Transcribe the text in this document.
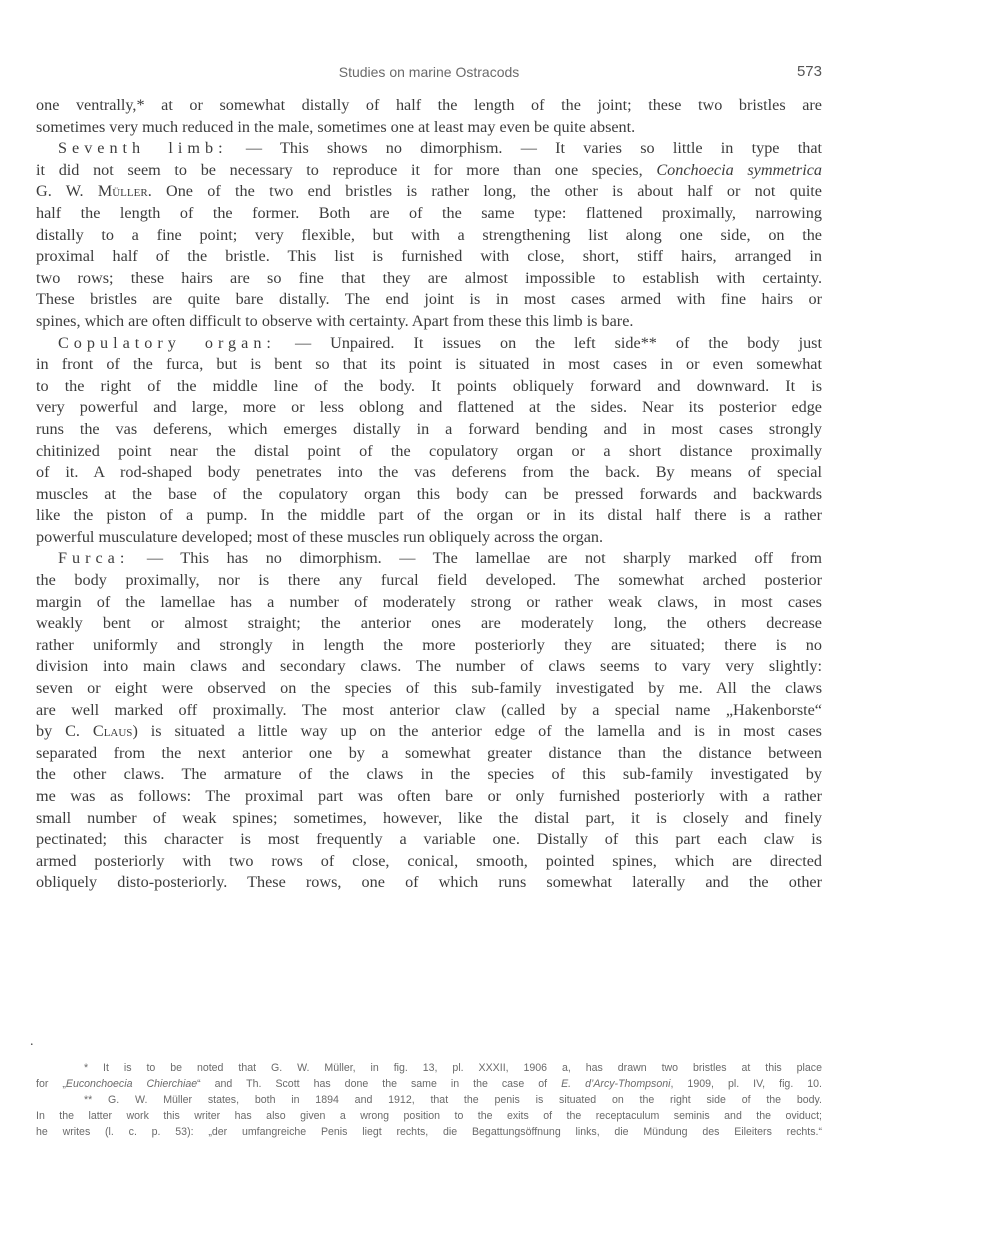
Studies on marine Ostracods	573
one ventrally,* at or somewhat distally of half the length of the joint; these two bristles are
sometimes very much reduced in the male, sometimes one at least may even be quite absent.
Seventh limb: — This shows no dimorphism. — It varies so little in type that
it did not seem to be necessary to reproduce it for more than one species, Conchoecia symmetrica
G. W. Müller. One of the two end bristles is rather long, the other is about half or not quite
half the length of the former. Both are of the same type: flattened proximally, narrowing
distally to a fine point; very flexible, but with a strengthening list along one side, on the
proximal half of the bristle. This list is furnished with close, short, stiff hairs, arranged in
two rows; these hairs are so fine that they are almost impossible to establish with certainty.
These bristles are quite bare distally. The end joint is in most cases armed with fine hairs or
spines, which are often difficult to observe with certainty. Apart from these this limb is bare.
Copulatory organ: — Unpaired. It issues on the left side** of the body just
in front of the furca, but is bent so that its point is situated in most cases in or even somewhat
to the right of the middle line of the body. It points obliquely forward and downward. It is
very powerful and large, more or less oblong and flattened at the sides. Near its posterior edge
runs the vas deferens, which emerges distally in a forward bending and in most cases strongly
chitinized point near the distal point of the copulatory organ or a short distance proximally
of it. A rod-shaped body penetrates into the vas deferens from the back. By means of special
muscles at the base of the copulatory organ this body can be pressed forwards and backwards
like the piston of a pump. In the middle part of the organ or in its distal half there is a rather
powerful musculature developed; most of these muscles run obliquely across the organ.
Furca: — This has no dimorphism. — The lamellae are not sharply marked off from
the body proximally, nor is there any furcal field developed. The somewhat arched posterior
margin of the lamellae has a number of moderately strong or rather weak claws, in most cases
weakly bent or almost straight; the anterior ones are moderately long, the others decrease
rather uniformly and strongly in length the more posteriorly they are situated; there is no
division into main claws and secondary claws. The number of claws seems to vary very slightly:
seven or eight were observed on the species of this sub-family investigated by me. All the claws
are well marked off proximally. The most anterior claw (called by a special name „Hakenborste“
by C. Claus) is situated a little way up on the anterior edge of the lamella and is in most cases
separated from the next anterior one by a somewhat greater distance than the distance between
the other claws. The armature of the claws in the species of this sub-family investigated by
me was as follows: The proximal part was often bare or only furnished posteriorly with a rather
small number of weak spines; sometimes, however, like the distal part, it is closely and finely
pectinated; this character is most frequently a variable one. Distally of this part each claw is
armed posteriorly with two rows of close, conical, smooth, pointed spines, which are directed
obliquely disto-posteriorly. These rows, one of which runs somewhat laterally and the other
.
* It is to be noted that G. W. Müller, in fig. 13, pl. XXXII, 1906 a, has drawn two bristles at this place
for „Euconchoecia Chierchiae“ and Th. Scott has done the same in the case of E. d’Arcy-Thompsoni, 1909, pl. IV, fig. 10.
** G. W. Müller states, both in 1894 and 1912, that the penis is situated on the right side of the body.
In the latter work this writer has also given a wrong position to the exits of the receptaculum seminis and the oviduct;
he writes (l. c. p. 53): „der umfangreiche Penis liegt rechts, die Begattungsöffnung links, die Mündung des Eileiters rechts.“
